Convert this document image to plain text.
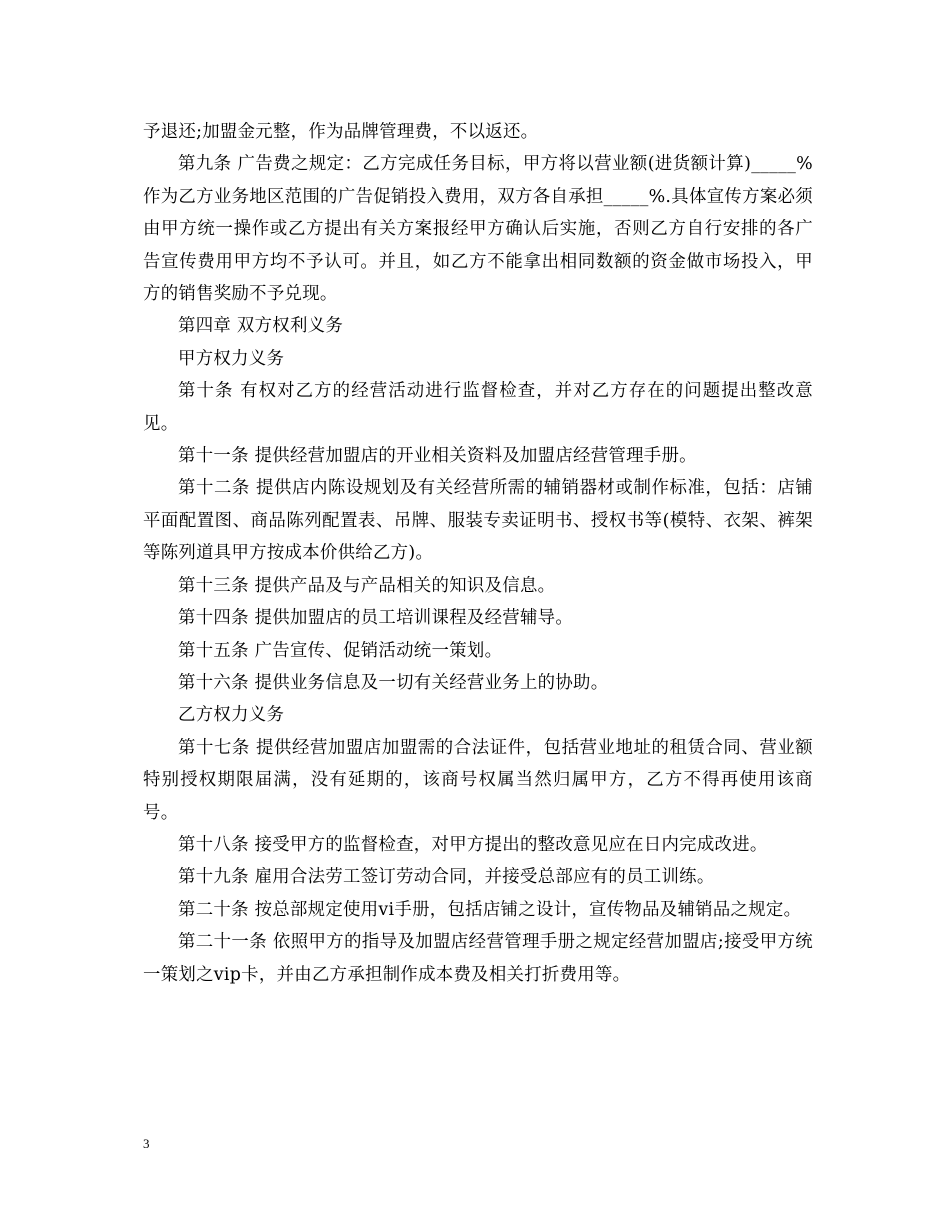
予退还;加盟金元整，作为品牌管理费，不以返还。

第九条 广告费之规定：乙方完成任务目标，甲方将以营业额(进货额计算)_____%作为乙方业务地区范围的广告促销投入费用，双方各自承担_____%.具体宣传方案必须由甲方统一操作或乙方提出有关方案报经甲方确认后实施，否则乙方自行安排的各广告宣传费用甲方均不予认可。并且，如乙方不能拿出相同数额的资金做市场投入，甲方的销售奖励不予兑现。

第四章 双方权利义务

甲方权力义务

第十条 有权对乙方的经营活动进行监督检查，并对乙方存在的问题提出整改意见。

第十一条 提供经营加盟店的开业相关资料及加盟店经营管理手册。

第十二条 提供店内陈设规划及有关经营所需的辅销器材或制作标准，包括：店铺平面配置图、商品陈列配置表、吊牌、服装专卖证明书、授权书等(模特、衣架、裤架等陈列道具甲方按成本价供给乙方)。

第十三条 提供产品及与产品相关的知识及信息。

第十四条 提供加盟店的员工培训课程及经营辅导。

第十五条 广告宣传、促销活动统一策划。

第十六条 提供业务信息及一切有关经营业务上的协助。

乙方权力义务

第十七条 提供经营加盟店加盟需的合法证件，包括营业地址的租赁合同、营业额特别授权期限届满，没有延期的，该商号权属当然归属甲方，乙方不得再使用该商号。

第十八条 接受甲方的监督检查，对甲方提出的整改意见应在日内完成改进。

第十九条 雇用合法劳工签订劳动合同，并接受总部应有的员工训练。

第二十条 按总部规定使用vi手册，包括店铺之设计，宣传物品及辅销品之规定。

第二十一条 依照甲方的指导及加盟店经营管理手册之规定经营加盟店;接受甲方统一策划之vip卡，并由乙方承担制作成本费及相关打折费用等。

3
